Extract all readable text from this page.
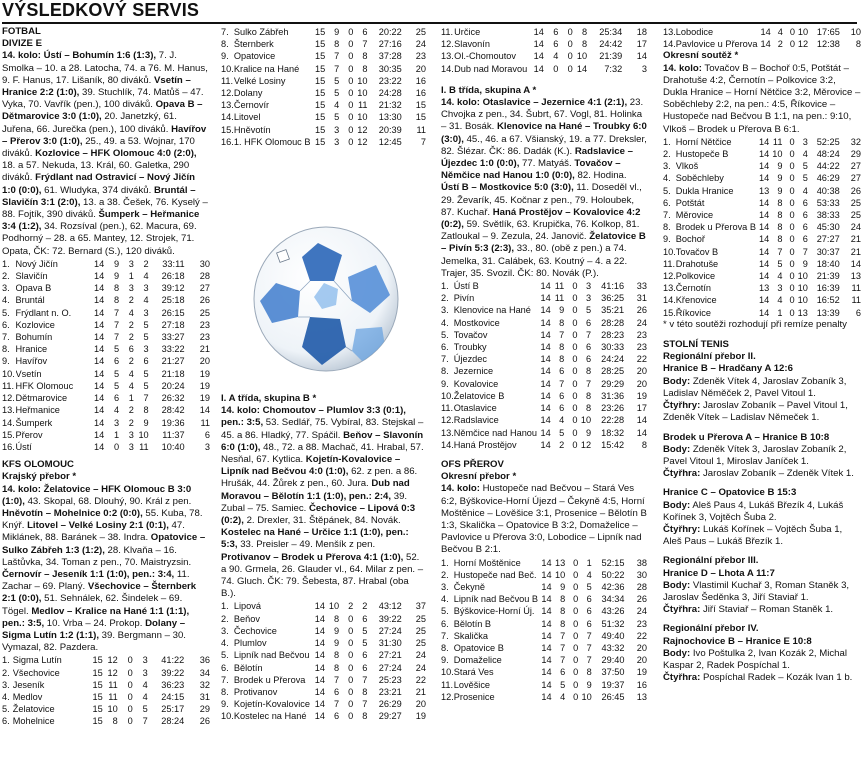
VÝSLEDKOVÝ SERVIS

FOTBAL

DIVIZE E

14. kolo: Ústí – Bohumín 1:6 (1:3), 7. J. Smolka – 10. a 28. Latocha, 74. a 76. M. Hanus, 9. F. Hanus, 17. Lišaník, 80 diváků. Vsetín – Hranice 2:2 (1:0), 39. Stuchlík, 74. Matůš – 47. Vyka, 70. Vavřík (pen.), 100 diváků. Opava B – Dětmarovice 3:0 (1:0), 20. Janetzký, 61. Juřena, 66. Jurečka (pen.), 100 diváků. Havířov – Přerov 3:0 (1:0), 25., 49. a 53. Wojnar, 170 diváků. Kozlovice – HFK Olomouc 4:0 (2:0), 18. a 57. Nekuda, 13. Král, 60. Galetka, 290 diváků. Frýdlant nad Ostravicí – Nový Jičín 1:0 (0:0), 61. Wludyka, 374 diváků. Bruntál – Slavičín 3:1 (2:0), 13. a 38. Češek, 76. Kyselý – 88. Fojtík, 390 diváků. Šumperk – Heřmanice 3:4 (1:2), 34. Rozsíval (pen.), 62. Macura, 69. Podhorný – 28. a 65. Mantey, 12. Strojek, 71. Opata, ČK: 72. Bernard (S.), 120 diváků.

1.	Nový Jičín	14	9	3	2	33:11	30
2.	Slavičín	14	9	1	4	26:18	28
3.	Opava B	14	8	3	3	39:12	27
4.	Bruntál	14	8	2	4	25:18	26
5.	Frýdlant n. O.	14	7	4	3	26:15	25
6.	Kozlovice	14	7	2	5	27:18	23
7.	Bohumín	14	7	2	5	33:27	23
8.	Hranice	14	5	6	3	33:22	21
9.	Havířov	14	6	2	6	21:27	20
10.	Vsetín	14	5	4	5	21:18	19
11.	HFK Olomouc	14	5	4	5	20:24	19
12.	Dětmarovice	14	6	1	7	26:32	19
13.	Heřmanice	14	4	2	8	28:42	14
14.	Šumperk	14	3	2	9	19:36	11
15.	Přerov	14	1	3	10	11:37	6
16.	Ústí	14	0	3	11	10:40	3

KFS OLOMOUC

Krajský přebor *

14. kolo: Želatovice – HFK Olomouc B 3:0 (1:0), 43. Skopal, 68. Dlouhý, 90. Král z pen. Hněvotín – Mohelnice 0:2 (0:0), 55. Kuba, 78. Knýř. Litovel – Velké Losiny 2:1 (0:1), 47. Miklánek, 88. Baránek – 38. Indra. Opatovice – Sulko Zábřeh 1:3 (1:2), 28. Klvaňa – 16. Laštůvka, 34. Toman z pen., 70. Maistryzsin. Černovír – Jeseník 1:1 (1:0), pen.: 3:4, 11. Zachar – 69. Planý. Všechovice – Šternberk 2:1 (0:0), 51. Sehnálek, 62. Šindelek – 69. Tögel. Medlov – Kralice na Hané 1:1 (1:1), pen.: 3:5, 10. Vrba – 24. Prokop. Dolany – Sigma Lutín 1:2 (1:1), 39. Bergmann – 30. Vymazal, 82. Pazdera.

1.	Sigma Lutín	15	12	0	3	41:22	36
2.	Všechovice	15	12	0	3	39:22	34
3.	Jeseník	15	11	0	4	36:23	32
4.	Medlov	15	11	0	4	24:15	31
5.	Želatovice	15	10	0	5	25:17	29
6.	Mohelnice	15	8	0	7	28:24	26
7.	Sulko Zábřeh	15	9	0	6	20:22	25
8.	Šternberk	15	8	0	7	27:16	24
9.	Opatovice	15	7	0	8	37:28	23
10.	Kralice na Hané	15	7	0	8	30:35	20
11.	Velké Losiny	15	5	0	10	23:22	16
12.	Dolany	15	5	0	10	24:28	16
13.	Černovír	15	4	0	11	21:32	15
14.	Litovel	15	5	0	10	13:30	15
15.	Hněvotín	15	3	0	12	20:39	11
16.	1. HFK Olomouc B	15	3	0	12	12:45	7

I. A třída, skupina B *

14. kolo: Chomoutov – Plumlov 3:3 (0:1), pen.: 3:5, 53. Sedlář, 75. Vybíral, 83. Stejskal – 45. a 86. Hladký, 77. Spáčil. Beňov – Slavonín 6:0 (1:0), 48., 72. a 88. Machač, 41. Hrabal, 57. Nesňal, 67. Kytlica. Kojetín-Kovalovice – Lipník nad Bečvou 4:0 (1:0), 62. z pen. a 86. Hrušák, 44. Žůrek z pen., 60. Jura. Dub nad Moravou – Bělotín 1:1 (1:0), pen.: 2:4, 39. Zubal – 75. Samiec. Čechovice – Lipová 0:3 (0:2), 2. Drexler, 31. Štěpánek, 84. Novák. Kostelec na Hané – Určice 1:1 (1:0), pen.: 5:3, 33. Preisler – 49. Menšík z pen. Protivanov – Brodek u Přerova 4:1 (1:0), 52. a 90. Grmela, 26. Glauder vl., 64. Milar z pen. – 74. Gluch. ČK: 79. Šebesta, 87. Hrabal (oba B.).

1.	Lipová	14	10	2	2	43:12	37
2.	Beňov	14	8	0	6	39:22	25
3.	Čechovice	14	9	0	5	27:24	25
4.	Plumlov	14	9	0	5	31:30	25
5.	Lipník nad Bečvou	14	8	0	6	27:21	24
6.	Bělotín	14	8	0	6	27:24	24
7.	Brodek u Přerova	14	7	0	7	25:23	22
8.	Protivanov	14	6	0	8	23:21	21
9.	Kojetín-Kovalovice	14	7	0	7	26:29	20
10.	Kostelec na Hané	14	6	0	8	29:27	19
11.	Určice	14	6	0	8	25:34	18
12.	Slavonín	14	6	0	8	24:42	17
13.	Ol.-Chomoutov	14	4	0	10	21:39	14
14.	Dub nad Moravou	14	0	0	14	7:32	3

I. B třída, skupina A *

14. kolo: Otaslavice – Jezernice 4:1 (2:1), 23. Chvojka z pen., 34. Šubrt, 67. Vogl, 81. Holinka – 31. Bosák. Klenovice na Hané – Troubky 6:0 (3:0), 45., 46. a 67. Všianský, 19. a 77. Dreksler, 82. Šlézar. ČK: 86. Dadák (K.). Radslavice – Újezdec 1:0 (0:0), 77. Matyáš. Tovačov – Němčice nad Hanou 1:0 (0:0), 82. Hodina. Ústí B – Mostkovice 5:0 (3:0), 11. Doseděl vl., 29. Ževarík, 45. Kočnar z pen., 79. Holoubek, 87. Kuchař. Haná Prostějov – Kovalovice 4:2 (0:2), 59. Světlík, 63. Krupička, 76. Kolkop, 81. Zatloukal – 9. Zezula, 24. Janovič. Želatovice B – Pivín 5:3 (2:3), 33., 80. (obě z pen.) a 74. Jemelka, 31. Calábek, 63. Koutný – 4. a 22. Trajer, 35. Svozil. ČK: 80. Novák (P.).

1.	Ústí B	14	11	0	3	41:16	33
2.	Pivín	14	11	0	3	36:25	31
3.	Klenovice na Hané	14	9	0	5	35:21	26
4.	Mostkovice	14	8	0	6	28:28	24
5.	Tovačov	14	7	0	7	28:23	23
6.	Troubky	14	8	0	6	30:33	23
7.	Újezdec	14	8	0	6	24:24	22
8.	Jezernice	14	6	0	8	28:25	20
9.	Kovalovice	14	7	0	7	29:29	20
10.	Želatovice B	14	6	0	8	31:36	19
11.	Otaslavice	14	6	0	8	23:26	17
12.	Radslavice	14	4	0	10	22:28	14
13.	Němčice nad Hanou	14	5	0	9	18:32	14
14.	Haná Prostějov	14	2	0	12	15:42	8

OFS PŘEROV

Okresní přebor *

14. kolo: Hustopeče nad Bečvou – Stará Ves 6:2, Býškovice-Horní Újezd – Čekyně 4:5, Horní Moštěnice – Lověšice 3:1, Prosenice – Bělotín B 1:3, Skalička – Opatovice B 3:2, Domaželice – Pavlovice u Přerova 3:0, Lobodice – Lipník nad Bečvou B 2:1.

1.	Horní Moštěnice	14	13	0	1	52:15	38
2.	Hustopeče nad Beč.	14	10	0	4	50:22	30
3.	Čekyně	14	9	0	5	42:36	28
4.	Lipník nad Bečvou B	14	8	0	6	34:34	26
5.	Býškovice-Horní Új.	14	8	0	6	43:26	24
6.	Bělotín B	14	8	0	6	51:32	23
7.	Skalička	14	7	0	7	49:40	22
8.	Opatovice B	14	7	0	7	43:32	20
9.	Domaželice	14	7	0	7	29:40	20
10.	Stará Ves	14	6	0	8	37:50	19
11.	Lověšice	14	5	0	9	19:37	16
12.	Prosenice	14	4	0	10	26:45	13
13.	Lobodice	14	4	0	10	17:65	10
14.	Pavlovice u Přerova	14	2	0	12	12:38	8

Okresní soutěž *

14. kolo: Tovačov B – Bochoř 0:5, Potštát – Drahotuše 4:2, Černotín – Polkovice 3:2, Dukla Hranice – Horní Nětčice 3:2, Měrovice – Soběchleby 2:2, na pen.: 4:5, Říkovice – Hustopeče nad Bečvou B 1:1, na pen.: 9:10, Vlkoš – Brodek u Přerova B 6:1.

1.	Horní Nětčice	14	11	0	3	52:25	32
2.	Hustopeče B	14	10	0	4	48:24	29
3.	Vlkoš	14	9	0	5	44:22	27
4.	Soběchleby	14	9	0	5	46:29	27
5.	Dukla Hranice	13	9	0	4	40:38	26
6.	Potštát	14	8	0	6	53:33	25
7.	Měrovice	14	8	0	6	38:33	25
8.	Brodek u Přerova B	14	8	0	6	45:30	24
9.	Bochoř	14	8	0	6	27:27	21
10.	Tovačov B	14	7	0	7	30:37	21
11.	Drahotuše	14	5	0	9	18:40	14
12.	Polkovice	14	4	0	10	21:39	13
13.	Černotín	13	3	0	10	16:39	11
14.	Křenovice	14	4	0	10	16:52	11
15.	Říkovice	14	1	0	13	13:39	6

* v této soutěži rozhodují při remíze penalty

STOLNÍ TENIS

Regionální přebor II.

Hranice B – Hradčany A 12:6

Body: Zdeněk Vítek 4, Jaroslav Zobaník 3, Ladislav Něměček 2, Pavel Vitoul 1.

Čtyřhry: Jaroslav Zobaník – Pavel Vitoul 1, Zdeněk Vítek – Ladislav Němeček 1.

Brodek u Přerova A – Hranice B 10:8

Body: Zdeněk Vítek 3, Jaroslav Zobaník 2, Pavel Vitoul 1, Miroslav Janíček 1.

Čtyřhra: Jaroslav Zobaník – Zdeněk Vítek 1.

Hranice C – Opatovice B 15:3

Body: Aleš Paus 4, Lukáš Březík 4, Lukáš Kořínek 3, Vojtěch Šuba 2.

Čtyřhry: Lukáš Kořínek – Vojtěch Šuba 1, Aleš Paus – Lukáš Březík 1.

Regionální přebor III.

Hranice D – Lhota A 11:7

Body: Vlastimil Kuchař 3, Roman Staněk 3, Jaroslav Šeděnka 3, Jiří Staviař 1.

Čtyřhra: Jiří Staviař – Roman Staněk 1.

Regionální přebor IV.

Rajnochovice B – Hranice E 10:8

Body: Ivo Poštulka 2, Ivan Kozák 2, Michal Kaspar 2, Radek Pospíchal 1.

Čtyřhra: Pospíchal Radek – Kozák Ivan 1 b.
